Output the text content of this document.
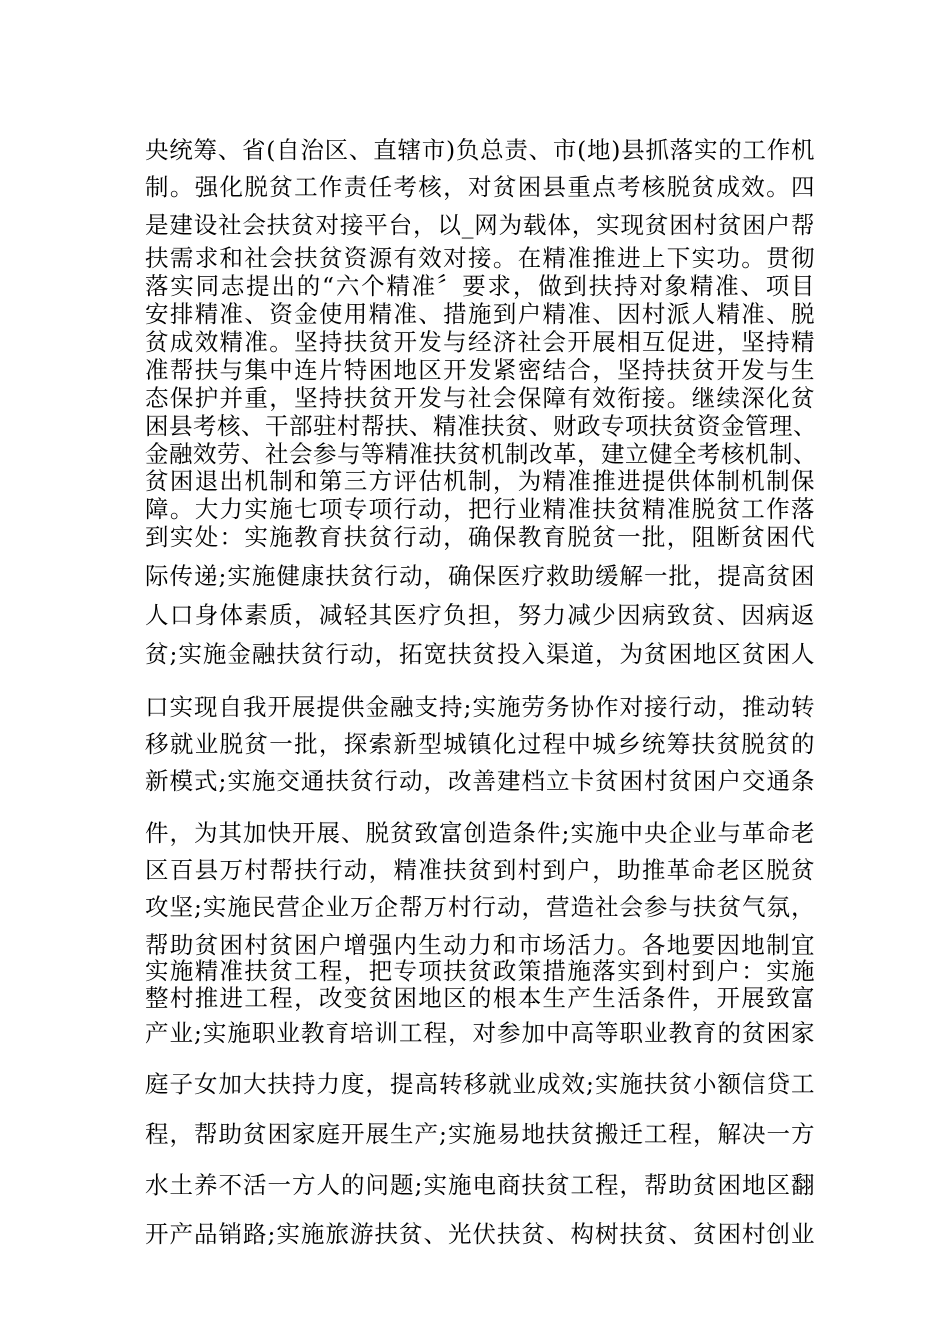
央统筹、省(自治区、直辖市)负总责、市(地)县抓落实的工作机
制。强化脱贫工作责任考核，对贫困县重点考核脱贫成效。四
是建设社会扶贫对接平台，以_网为载体，实现贫困村贫困户帮
扶需求和社会扶贫资源有效对接。在精准推进上下实功。贯彻
落实同志提出的“六个精准〞要求，做到扶持对象精准、项目
安排精准、资金使用精准、措施到户精准、因村派人精准、脱
贫成效精准。坚持扶贫开发与经济社会开展相互促进，坚持精
准帮扶与集中连片特困地区开发紧密结合，坚持扶贫开发与生
态保护并重，坚持扶贫开发与社会保障有效衔接。继续深化贫
困县考核、干部驻村帮扶、精准扶贫、财政专项扶贫资金管理、
金融效劳、社会参与等精准扶贫机制改革，建立健全考核机制、
贫困退出机制和第三方评估机制，为精准推进提供体制机制保
障。大力实施七项专项行动，把行业精准扶贫精准脱贫工作落
到实处：实施教育扶贫行动，确保教育脱贫一批，阻断贫困代
际传递;实施健康扶贫行动，确保医疗救助缓解一批，提高贫困
人口身体素质，减轻其医疗负担，努力减少因病致贫、因病返
贫;实施金融扶贫行动，拓宽扶贫投入渠道，为贫困地区贫困人
口实现自我开展提供金融支持;实施劳务协作对接行动，推动转
移就业脱贫一批，探索新型城镇化过程中城乡统筹扶贫脱贫的
新模式;实施交通扶贫行动，改善建档立卡贫困村贫困户交通条
件，为其加快开展、脱贫致富创造条件;实施中央企业与革命老
区百县万村帮扶行动，精准扶贫到村到户，助推革命老区脱贫
攻坚;实施民营企业万企帮万村行动，营造社会参与扶贫气氛，
帮助贫困村贫困户增强内生动力和市场活力。各地要因地制宜
实施精准扶贫工程，把专项扶贫政策措施落实到村到户：实施
整村推进工程，改变贫困地区的根本生产生活条件，开展致富
产业;实施职业教育培训工程，对参加中高等职业教育的贫困家
庭子女加大扶持力度，提高转移就业成效;实施扶贫小额信贷工
程，帮助贫困家庭开展生产;实施易地扶贫搬迁工程，解决一方
水土养不活一方人的问题;实施电商扶贫工程，帮助贫困地区翻
开产品销路;实施旅游扶贫、光伏扶贫、构树扶贫、贫困村创业
